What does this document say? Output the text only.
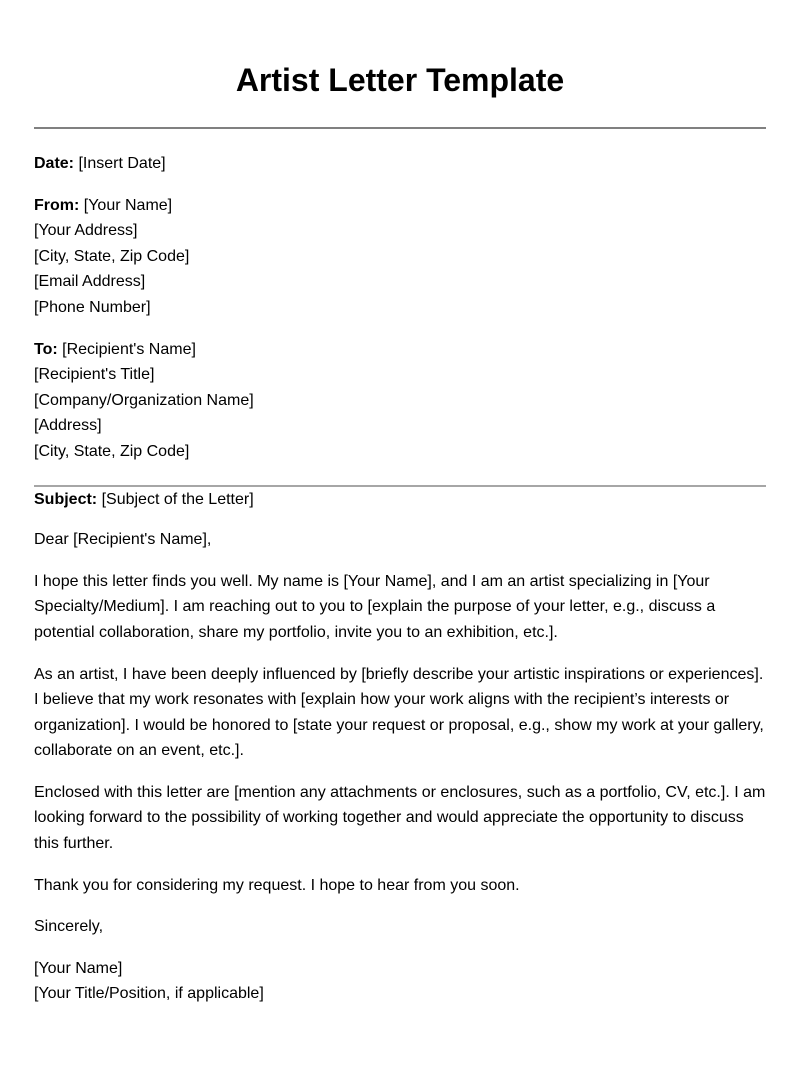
Artist Letter Template

Date: [Insert Date]

From: [Your Name]

[Your Address]

[City, State, Zip Code]

[Email Address]

[Phone Number]

To: [Recipient's Name]

[Recipient's Title]

[Company/Organization Name]

[Address]

[City, State, Zip Code]

Subject: [Subject of the Letter]

Dear [Recipient's Name],

I hope this letter finds you well. My name is [Your Name], and I am an artist specializing in [Your Specialty/Medium]. I am reaching out to you to [explain the purpose of your letter, e.g., discuss a potential collaboration, share my portfolio, invite you to an exhibition, etc.].

As an artist, I have been deeply influenced by [briefly describe your artistic inspirations or experiences]. I believe that my work resonates with [explain how your work aligns with the recipient’s interests or organization]. I would be honored to [state your request or proposal, e.g., show my work at your gallery, collaborate on an event, etc.].

Enclosed with this letter are [mention any attachments or enclosures, such as a portfolio, CV, etc.]. I am looking forward to the possibility of working together and would appreciate the opportunity to discuss this further.

Thank you for considering my request. I hope to hear from you soon.

Sincerely,

[Your Name]

[Your Title/Position, if applicable]
